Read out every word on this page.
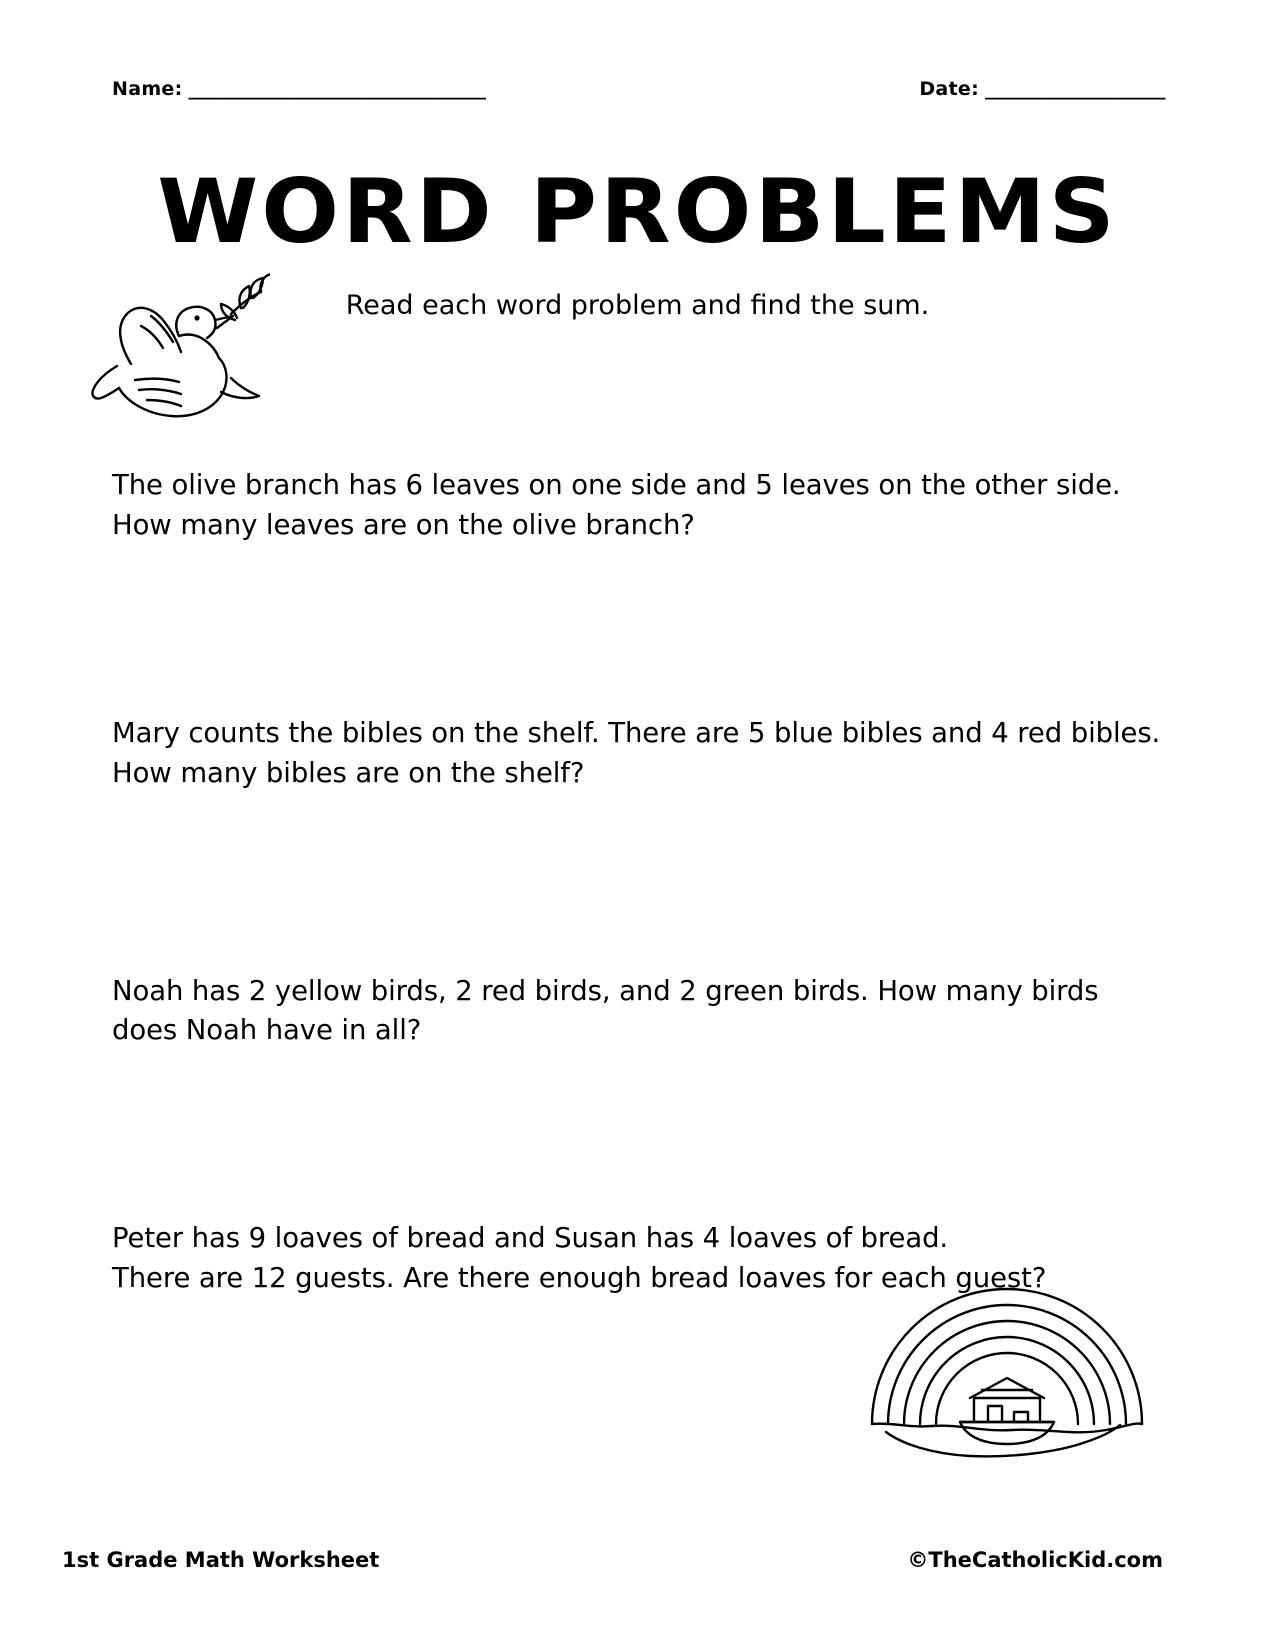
Name: _________________________________	Date: ____________________
WORD PROBLEMS
Read each word problem and find the sum.
The olive branch has 6 leaves on one side and 5 leaves on the other side.
How many leaves are on the olive branch?
Mary counts the bibles on the shelf. There are 5 blue bibles and 4 red bibles.
How many bibles are on the shelf?
Noah has 2 yellow birds, 2 red birds, and 2 green birds. How many birds
does Noah have in all?
Peter has 9 loaves of bread and Susan has 4 loaves of bread.
There are 12 guests. Are there enough bread loaves for each guest?
1st Grade Math Worksheet	©TheCatholicKid.com
